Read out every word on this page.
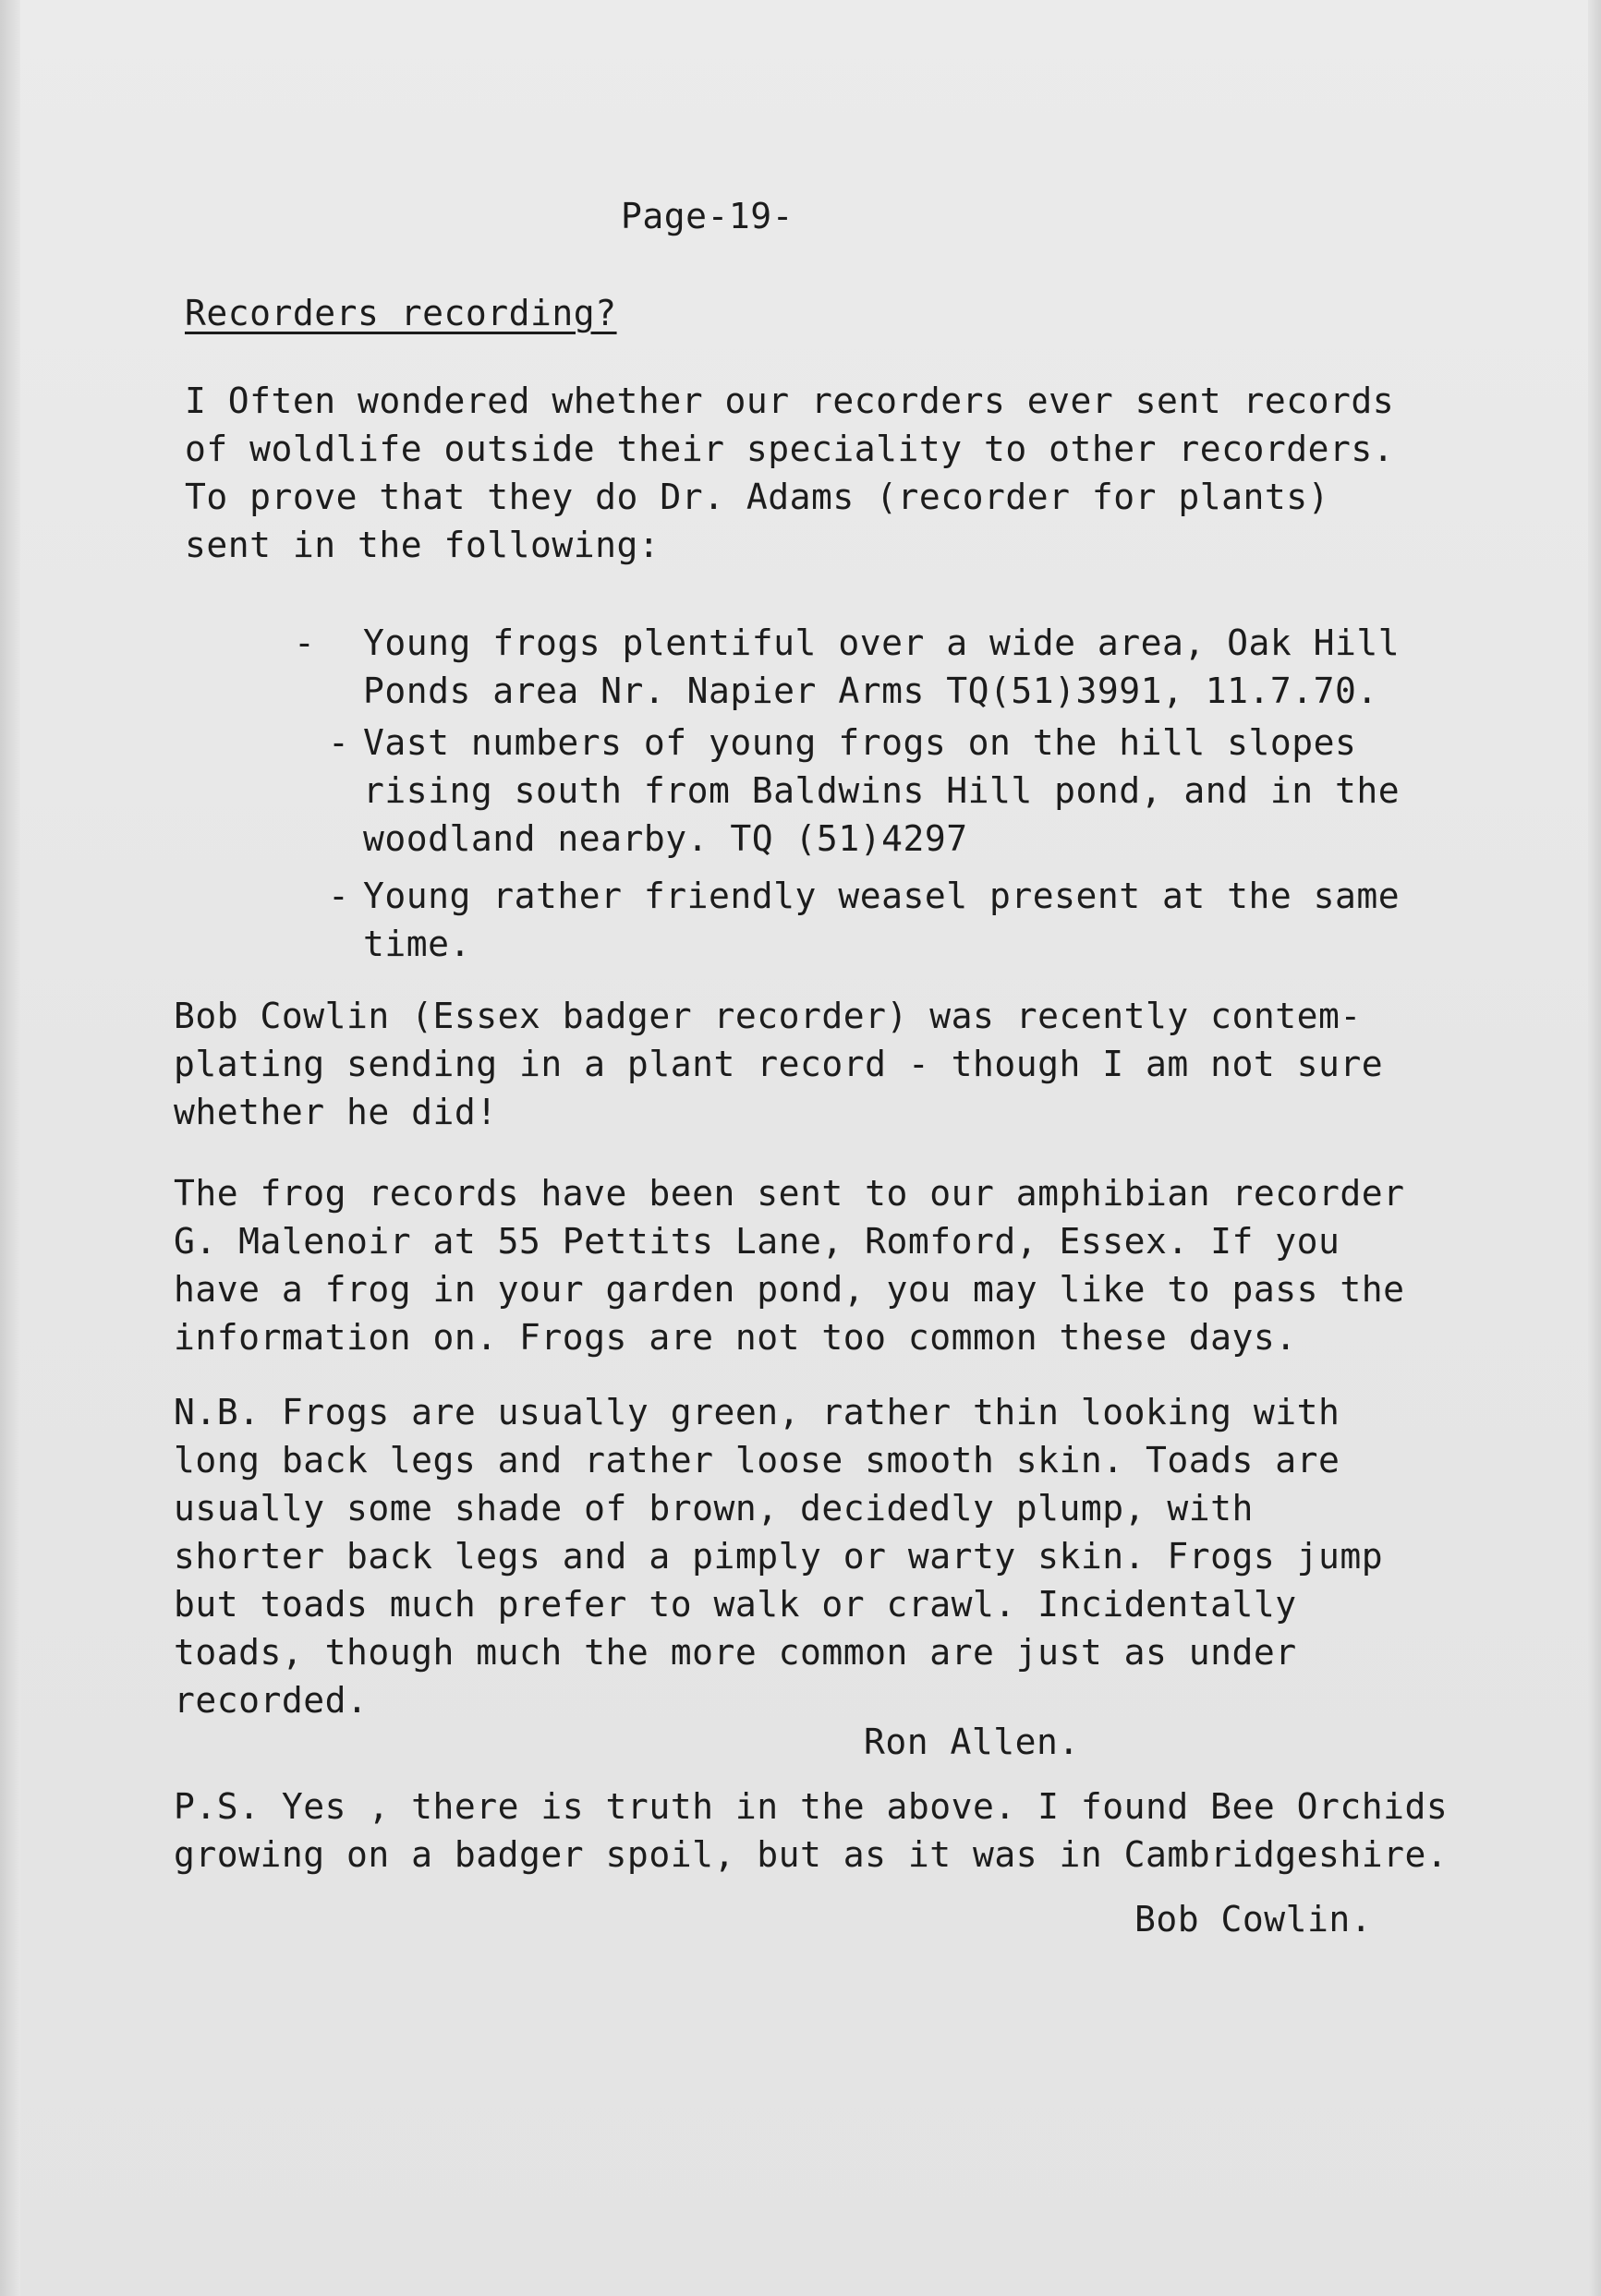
Page-19-
Recorders recording?
I Often wondered whether our recorders ever sent records
of woldlife outside their speciality to other recorders.
To prove that they do Dr. Adams (recorder for plants)
sent in the following:
- Young frogs plentiful over a wide area, Oak Hill
Ponds area Nr. Napier Arms TQ(51)3991, 11.7.70.
- Vast numbers of young frogs on the hill slopes
rising south from Baldwins Hill pond, and in the
woodland nearby. TQ (51)4297
- Young rather friendly weasel present at the same
time.
Bob Cowlin (Essex badger recorder) was recently contem-
plating sending in a plant record - though I am not sure
whether he did!
The frog records have been sent to our amphibian recorder
G. Malenoir at 55 Pettits Lane, Romford, Essex. If you
have a frog in your garden pond, you may like to pass the
information on. Frogs are not too common these days.
N.B. Frogs are usually green, rather thin looking with
long back legs and rather loose smooth skin. Toads are
usually some shade of brown, decidedly plump, with
shorter back legs and a pimply or warty skin. Frogs jump
but toads much prefer to walk or crawl. Incidentally
toads, though much the more common are just as under
recorded.
Ron Allen.
P.S. Yes , there is truth in the above. I found Bee Orchids
growing on a badger spoil, but as it was in Cambridgeshire.
Bob Cowlin.
